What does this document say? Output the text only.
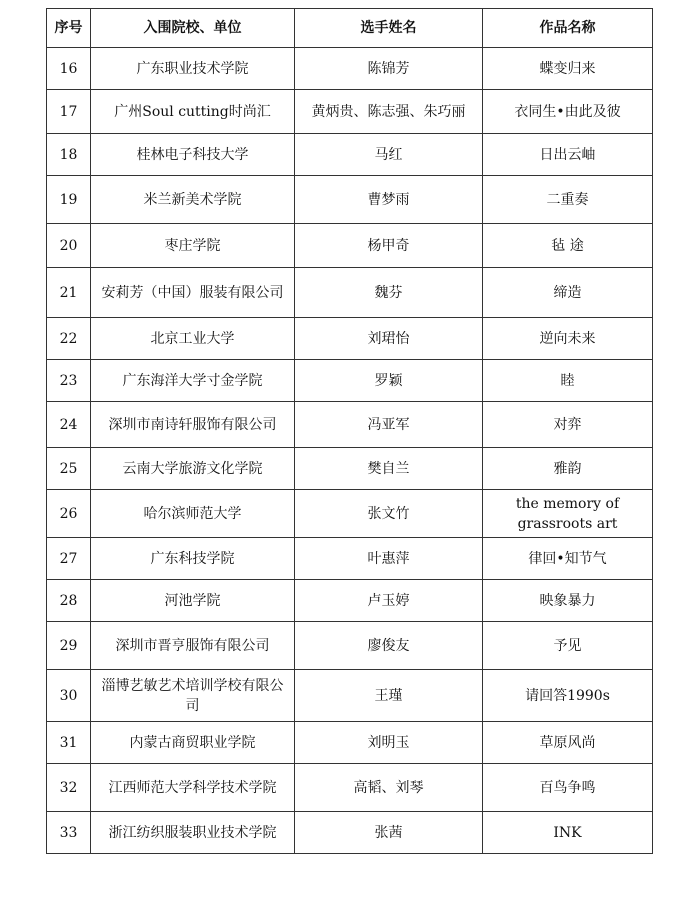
序号	入围院校、单位	选手姓名	作品名称
16	广东职业技术学院	陈锦芳	蝶变归来
17	广州Soul cutting时尚汇	黄炳贵、陈志强、朱巧丽	衣同生•由此及彼
18	桂林电子科技大学	马红	日出云岫
19	米兰新美术学院	曹梦雨	二重奏
20	枣庄学院	杨甲奇	毡 途
21	安莉芳（中国）服装有限公司	魏芬	缔造
22	北京工业大学	刘珺怡	逆向未来
23	广东海洋大学寸金学院	罗颖	睦
24	深圳市南诗轩服饰有限公司	冯亚军	对弈
25	云南大学旅游文化学院	樊自兰	雅韵
26	哈尔滨师范大学	张文竹	the memory of grassroots art
27	广东科技学院	叶惠萍	律回•知节气
28	河池学院	卢玉婷	映象暴力
29	深圳市晋亨服饰有限公司	廖俊友	予见
30	淄博艺敏艺术培训学校有限公司	王瑾	请回答1990s
31	内蒙古商贸职业学院	刘明玉	草原风尚
32	江西师范大学科学技术学院	高韬、刘琴	百鸟争鸣
33	浙江纺织服装职业技术学院	张茜	INK
